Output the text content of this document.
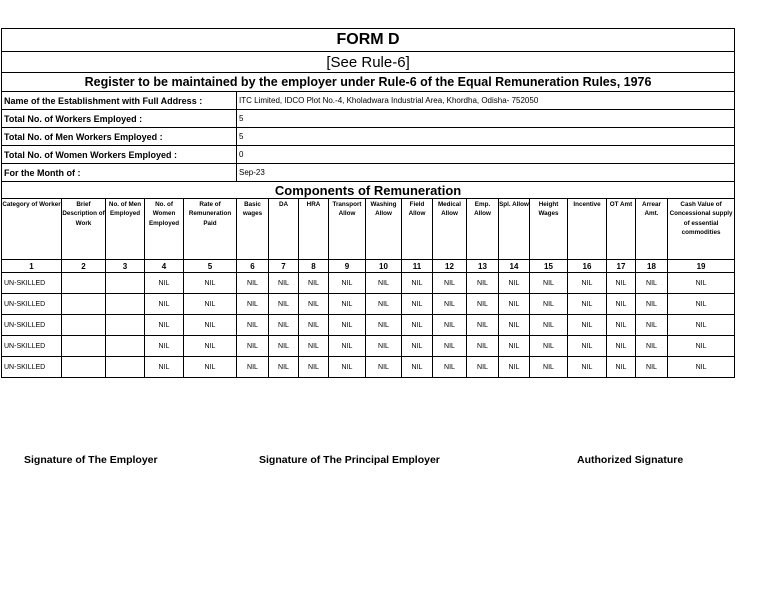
FORM D																		
[See Rule-6]																		
Register to be maintained by the employer under Rule-6 of the Equal Remuneration Rules, 1976																		
Name of the Establishment with Full Address :					ITC Limited, IDCO Plot No.-4, Kholadwara Industrial Area, Khordha, Odisha- 752050													
Total No. of Workers Employed :					5													
Total No. of Men Workers Employed :					5													
Total No. of Women Workers Employed :					0													
For the Month of :					Sep-23													
Components of Remuneration																		
Category of Worker	Brief Description of Work	No. of Men Employed	No. of Women Employed	Rate of Remuneration Paid	Basic wages	DA	HRA	Transport Allow	Washing Allow	Field Allow	Medical Allow	Emp. Allow	Spl. Allow	Height Wages	Incentive	OT Amt	Arrear Amt.	Cash Value of Concessional supply of essential commodities
1	2	3	4	5	6	7	8	9	10	11	12	13	14	15	16	17	18	19
UN-SKILLED			NIL	NIL	NIL	NIL	NIL	NIL	NIL	NIL	NIL	NIL	NIL	NIL	NIL	NIL	NIL	NIL
UN-SKILLED			NIL	NIL	NIL	NIL	NIL	NIL	NIL	NIL	NIL	NIL	NIL	NIL	NIL	NIL	NIL	NIL
UN-SKILLED			NIL	NIL	NIL	NIL	NIL	NIL	NIL	NIL	NIL	NIL	NIL	NIL	NIL	NIL	NIL	NIL
UN-SKILLED			NIL	NIL	NIL	NIL	NIL	NIL	NIL	NIL	NIL	NIL	NIL	NIL	NIL	NIL	NIL	NIL
UN-SKILLED			NIL	NIL	NIL	NIL	NIL	NIL	NIL	NIL	NIL	NIL	NIL	NIL	NIL	NIL	NIL	NIL
Signature of The Employer	Signature of The Principal Employer	Authorized Signature
